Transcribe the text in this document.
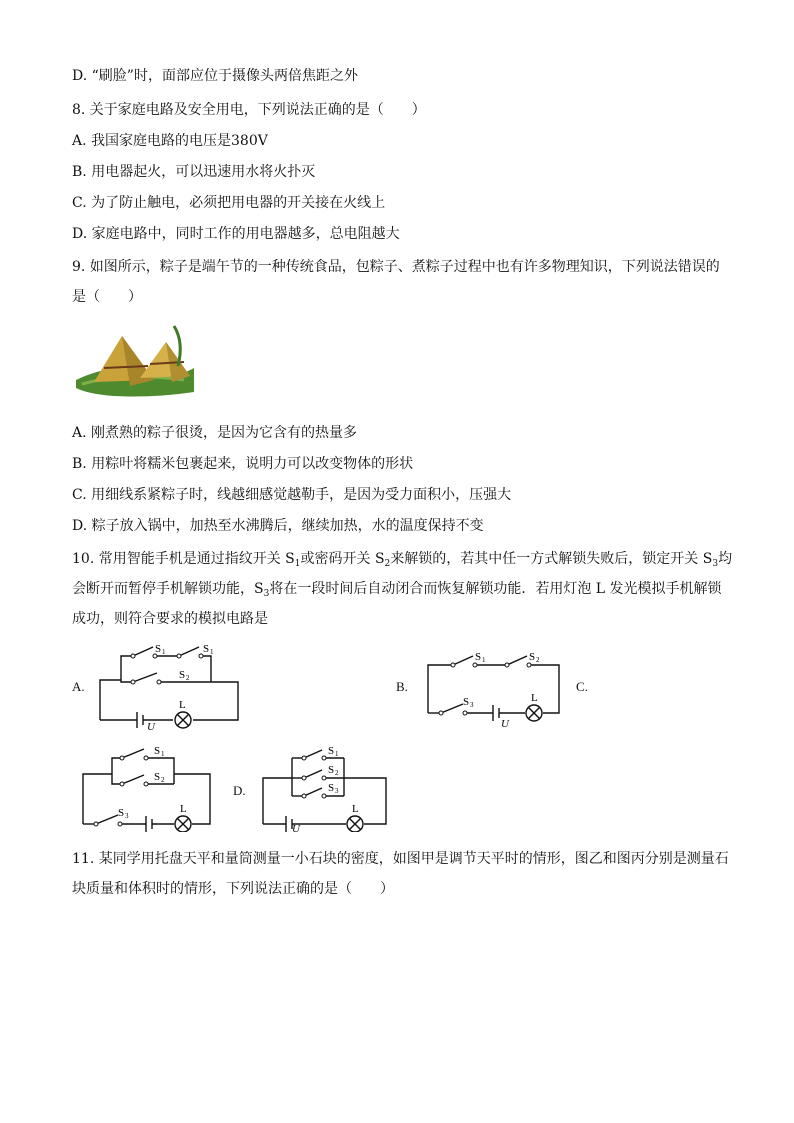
D. “刷脸”时，面部应位于摄像头两倍焦距之外
8. 关于家庭电路及安全用电，下列说法正确的是（　　）
A. 我国家庭电路的电压是380V
B. 用电器起火，可以迅速用水将火扑灭
C. 为了防止触电，必须把用电器的开关接在火线上
D. 家庭电路中，同时工作的用电器越多，总电阻越大
9. 如图所示，粽子是端午节的一种传统食品，包粽子、煮粽子过程中也有许多物理知识，下列说法错误的
是（　　）
A. 刚煮熟的粽子很烫，是因为它含有的热量多
B. 用粽叶将糯米包裹起来，说明力可以改变物体的形状
C. 用细线系紧粽子时，线越细感觉越勒手，是因为受力面积小，压强大
D. 粽子放入锅中，加热至水沸腾后，继续加热，水的温度保持不变
10. 常用智能手机是通过指纹开关 $S_1$或密码开关 $S_2$来解锁的，若其中任一方式解锁失败后，锁定开关 $S_3$均
会断开而暂停手机解锁功能，$S_3$将在一段时间后自动闭合而恢复解锁功能．若用灯泡 L 发光模拟手机解锁
成功，则符合要求的模拟电路是
A.	B.	C.
D.
S 1	S 1
S 2
L
U
S 1	S 2
S 3
L
U
S 1
S 2
S 3
L
S 1
S 2
S 3
L
U
11. 某同学用托盘天平和量筒测量一小石块的密度，如图甲是调节天平时的情形，图乙和图丙分别是测量石
块质量和体积时的情形，下列说法正确的是（　　）
